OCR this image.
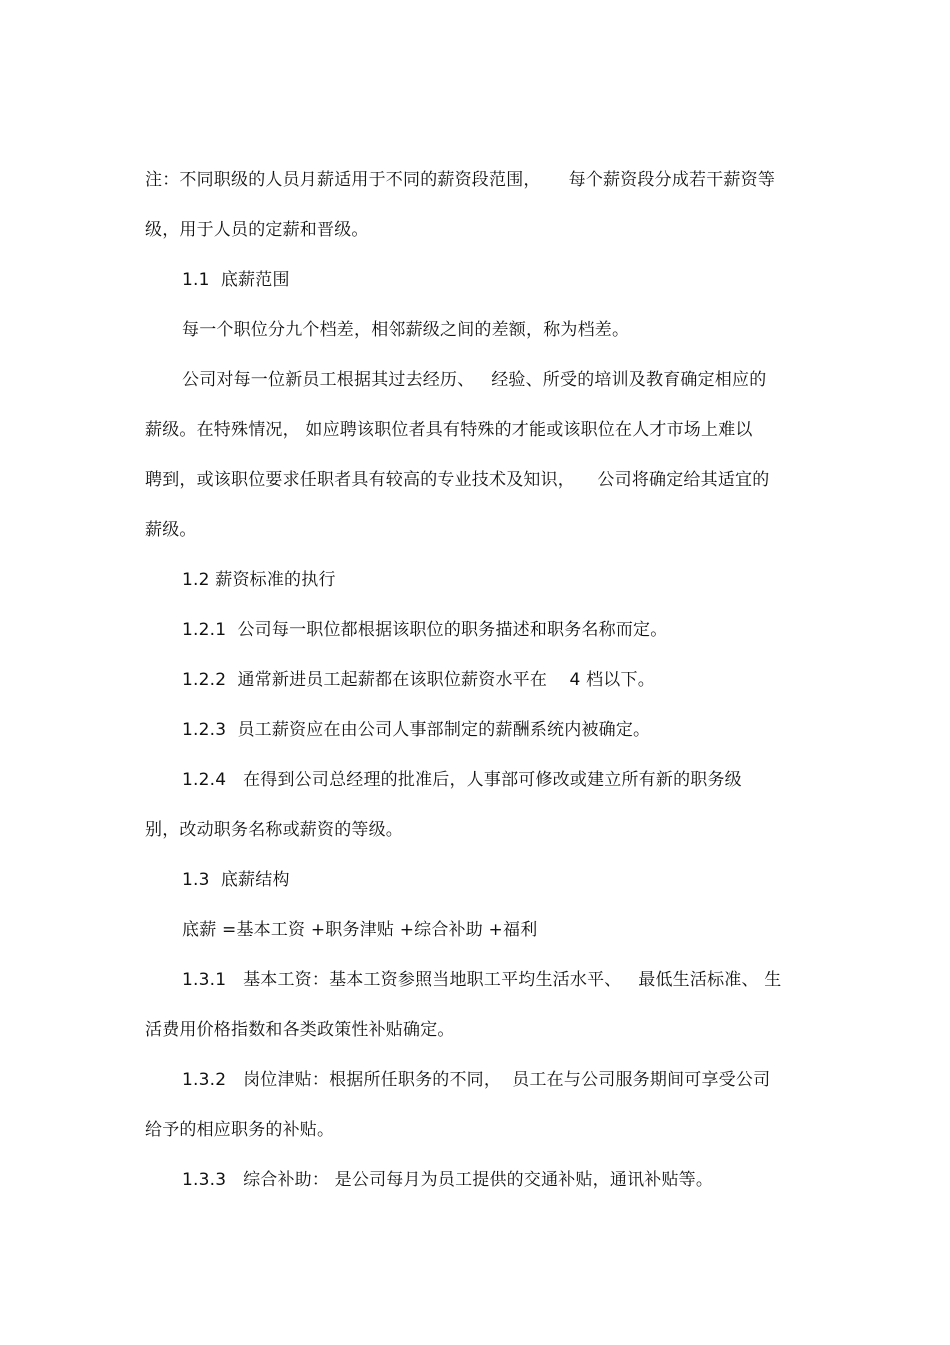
注：不同职级的人员月薪适用于不同的薪资段范围，     每个薪资段分成若干薪资等

级，用于人员的定薪和晋级。

1.1  底薪范围

每一个职位分九个档差，相邻薪级之间的差额，称为档差。

公司对每一位新员工根据其过去经历、   经验、所受的培训及教育确定相应的

薪级。在特殊情况， 如应聘该职位者具有特殊的才能或该职位在人才市场上难以

聘到，或该职位要求任职者具有较高的专业技术及知识，    公司将确定给其适宜的

薪级。

1.2 薪资标准的执行

1.2.1  公司每一职位都根据该职位的职务描述和职务名称而定。

1.2.2  通常新进员工起薪都在该职位薪资水平在    4 档以下。

1.2.3  员工薪资应在由公司人事部制定的薪酬系统内被确定。

1.2.4   在得到公司总经理的批准后，人事部可修改或建立所有新的职务级

别，改动职务名称或薪资的等级。

1.3  底薪结构

底薪 =基本工资 +职务津贴 +综合补助 +福利

1.3.1   基本工资：基本工资参照当地职工平均生活水平、   最低生活标准、 生

活费用价格指数和各类政策性补贴确定。

1.3.2   岗位津贴：根据所任职务的不同，  员工在与公司服务期间可享受公司

给予的相应职务的补贴。

1.3.3   综合补助： 是公司每月为员工提供的交通补贴，通讯补贴等。
